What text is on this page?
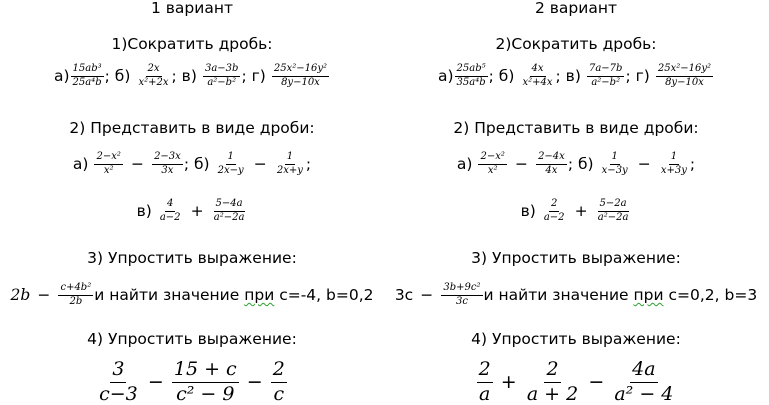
1 вариант
1)Сократить дробь:
$а) \frac{\text{15ab³}}{\text{25a⁴b}}$ ; $б) \frac{2x}{\text{x²+2x}}$ ; $в) \frac{3a-3b}{\text{a²−b²}}$ ; $г) \frac{\text{25x²−16y²}}{8y-10x}$
2) Представить в виде дроби:
$а) \frac{\text{2−x²}}{\text{x²}} - \frac{2-3x}{3x}$ ; $б) \frac{1}{2x-y} - \frac{1}{2x+y}$ ;
$в) \frac{4}{a-2} + \frac{5-4a}{\text{a²−2a}}$
3) Упростить выражение:
$2b - \frac{\text{c+4b²}}{2b}$ и найти значение при с=-4, b=0,2
4) Упростить выражение:
$\frac{3}{c-3} - \frac{15 + c}{\text{c² − 9}} - \frac{2}{c}$
2 вариант
2)Сократить дробь:
$а) \frac{\text{25ab⁵}}{\text{35a⁴b}}$ ; $б) \frac{4x}{\text{x²+4x}}$ ; $в) \frac{7a-7b}{\text{a²−b²}}$ ; $г) \frac{\text{25x²−16y²}}{8y-10x}$
2) Представить в виде дроби:
$а) \frac{\text{2−x²}}{\text{x²}} - \frac{2-4x}{4x}$ ; $б) \frac{1}{x-3y} - \frac{1}{x+3y}$ ;
$в) \frac{2}{a-2} + \frac{5-2a}{\text{a²−2a}}$
3) Упростить выражение:
$3с - \frac{\text{3b+9c²}}{3c}$ и найти значение при с=0,2, b=3
4) Упростить выражение:
$\frac{2}{a} + \frac{2}{a + 2} - \frac{4a}{\text{a² − 4}}$
